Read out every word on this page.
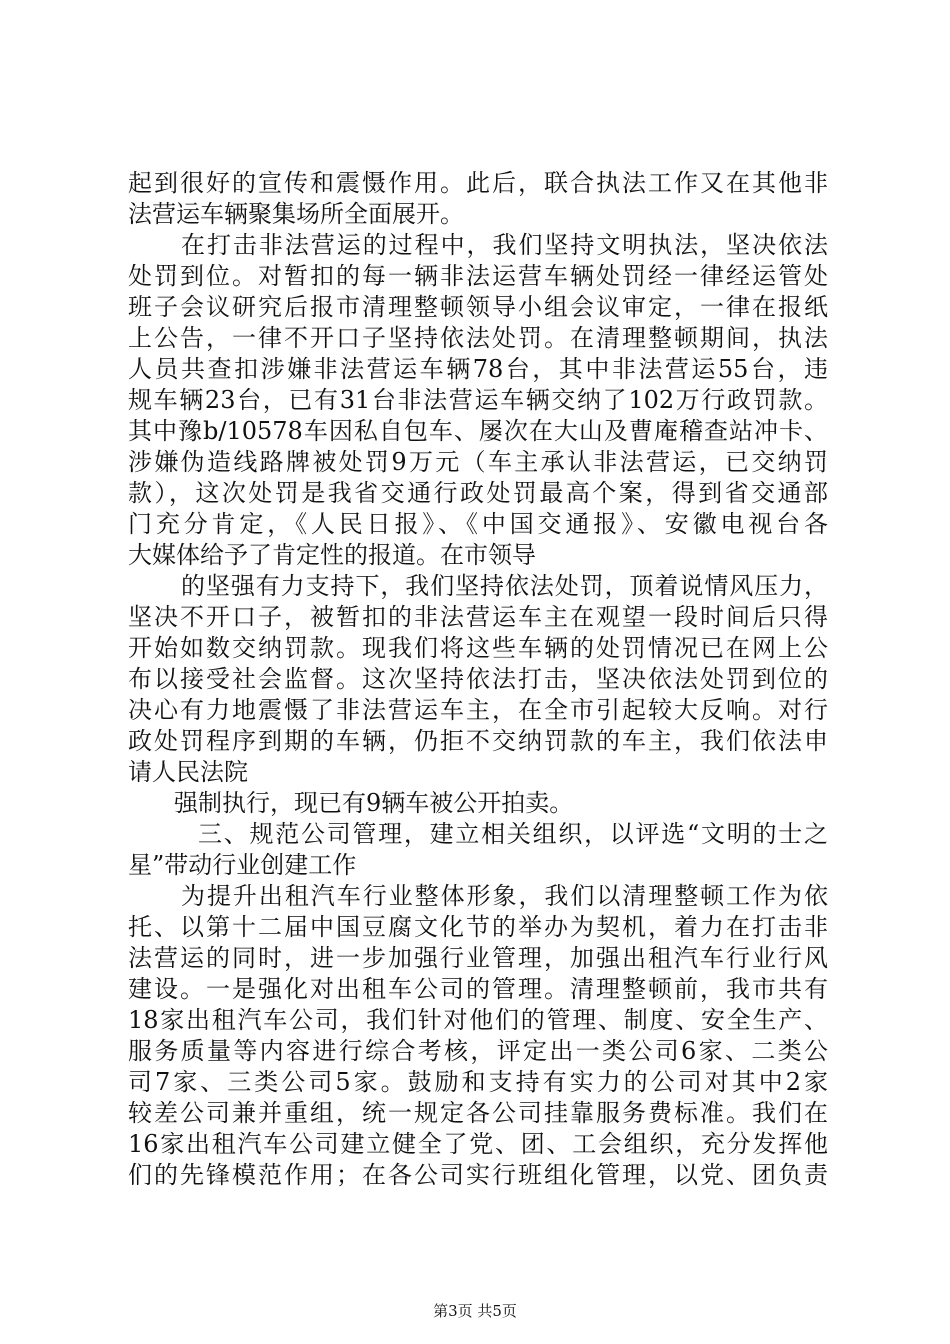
起到很好的宣传和震慑作用。此后，联合执法工作又在其他非
法营运车辆聚集场所全面展开。
在打击非法营运的过程中，我们坚持文明执法，坚决依法
处罚到位。对暂扣的每一辆非法运营车辆处罚经一律经运管处
班子会议研究后报市清理整顿领导小组会议审定，一律在报纸
上公告，一律不开口子坚持依法处罚。在清理整顿期间，执法
人员共查扣涉嫌非法营运车辆78台，其中非法营运55台，违
规车辆23台，已有31台非法营运车辆交纳了102万行政罚款。
其中豫b/10578车因私自包车、屡次在大山及曹庵稽查站冲卡、
涉嫌伪造线路牌被处罚9万元（车主承认非法营运，已交纳罚
款），这次处罚是我省交通行政处罚最高个案，得到省交通部
门充分肯定，《人民日报》、《中国交通报》、安徽电视台各
大媒体给予了肯定性的报道。在市领导
的坚强有力支持下，我们坚持依法处罚，顶着说情风压力，
坚决不开口子，被暂扣的非法营运车主在观望一段时间后只得
开始如数交纳罚款。现我们将这些车辆的处罚情况已在网上公
布以接受社会监督。这次坚持依法打击，坚决依法处罚到位的
决心有力地震慑了非法营运车主，在全市引起较大反响。对行
政处罚程序到期的车辆，仍拒不交纳罚款的车主，我们依法申
请人民法院
强制执行，现已有9辆车被公开拍卖。
三、规范公司管理，建立相关组织，以评选“文明的士之
星”带动行业创建工作
为提升出租汽车行业整体形象，我们以清理整顿工作为依
托、以第十二届中国豆腐文化节的举办为契机，着力在打击非
法营运的同时，进一步加强行业管理，加强出租汽车行业行风
建设。一是强化对出租车公司的管理。清理整顿前，我市共有
18家出租汽车公司，我们针对他们的管理、制度、安全生产、
服务质量等内容进行综合考核，评定出一类公司6家、二类公
司7家、三类公司5家。鼓励和支持有实力的公司对其中2家
较差公司兼并重组，统一规定各公司挂靠服务费标准。我们在
16家出租汽车公司建立健全了党、团、工会组织，充分发挥他
们的先锋模范作用；在各公司实行班组化管理，以党、团负责
第3页 共5页
